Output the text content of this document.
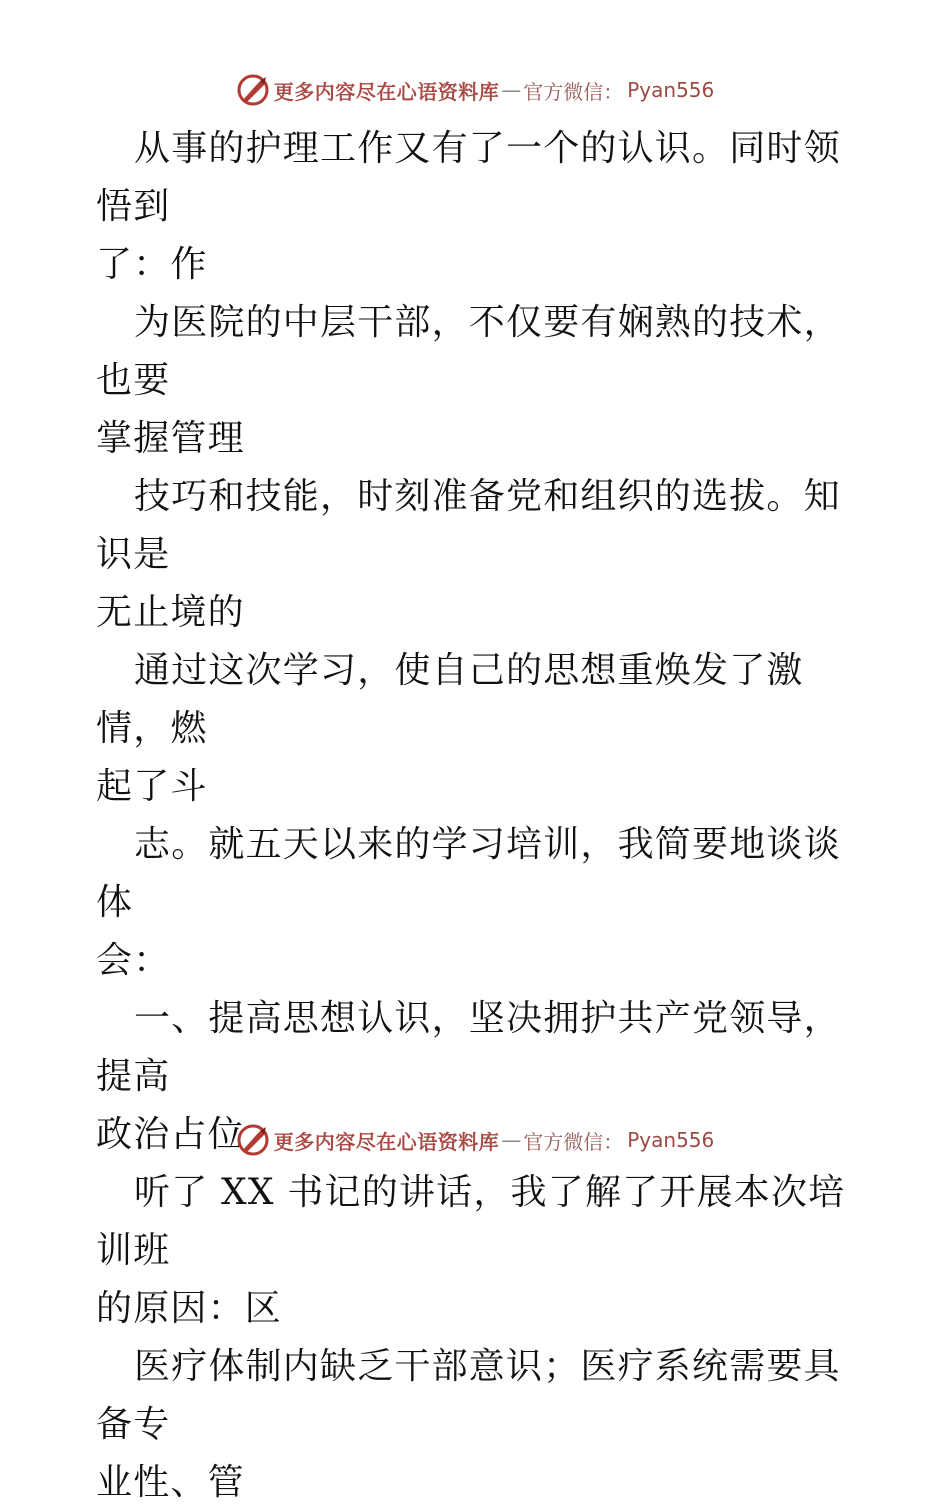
更多内容尽在心语资料库 — 官方微信： Pyan556

从事的护理工作又有了一个的认识。同时领悟到
了：作

为医院的中层干部，不仅要有娴熟的技术，也要
掌握管理

技巧和技能，时刻准备党和组织的选拔。知识是
无止境的

通过这次学习，使自己的思想重焕发了激情，燃
起了斗

志。就五天以来的学习培训，我简要地谈谈体
会：

一、提高思想认识，坚决拥护共产党领导，提高
政治占位

听了 XX 书记的讲话，我了解了开展本次培训班
的原因：区

医疗体制内缺乏干部意识；医疗系统需要具备专
业性、管

更多内容尽在心语资料库 — 官方微信： Pyan556
